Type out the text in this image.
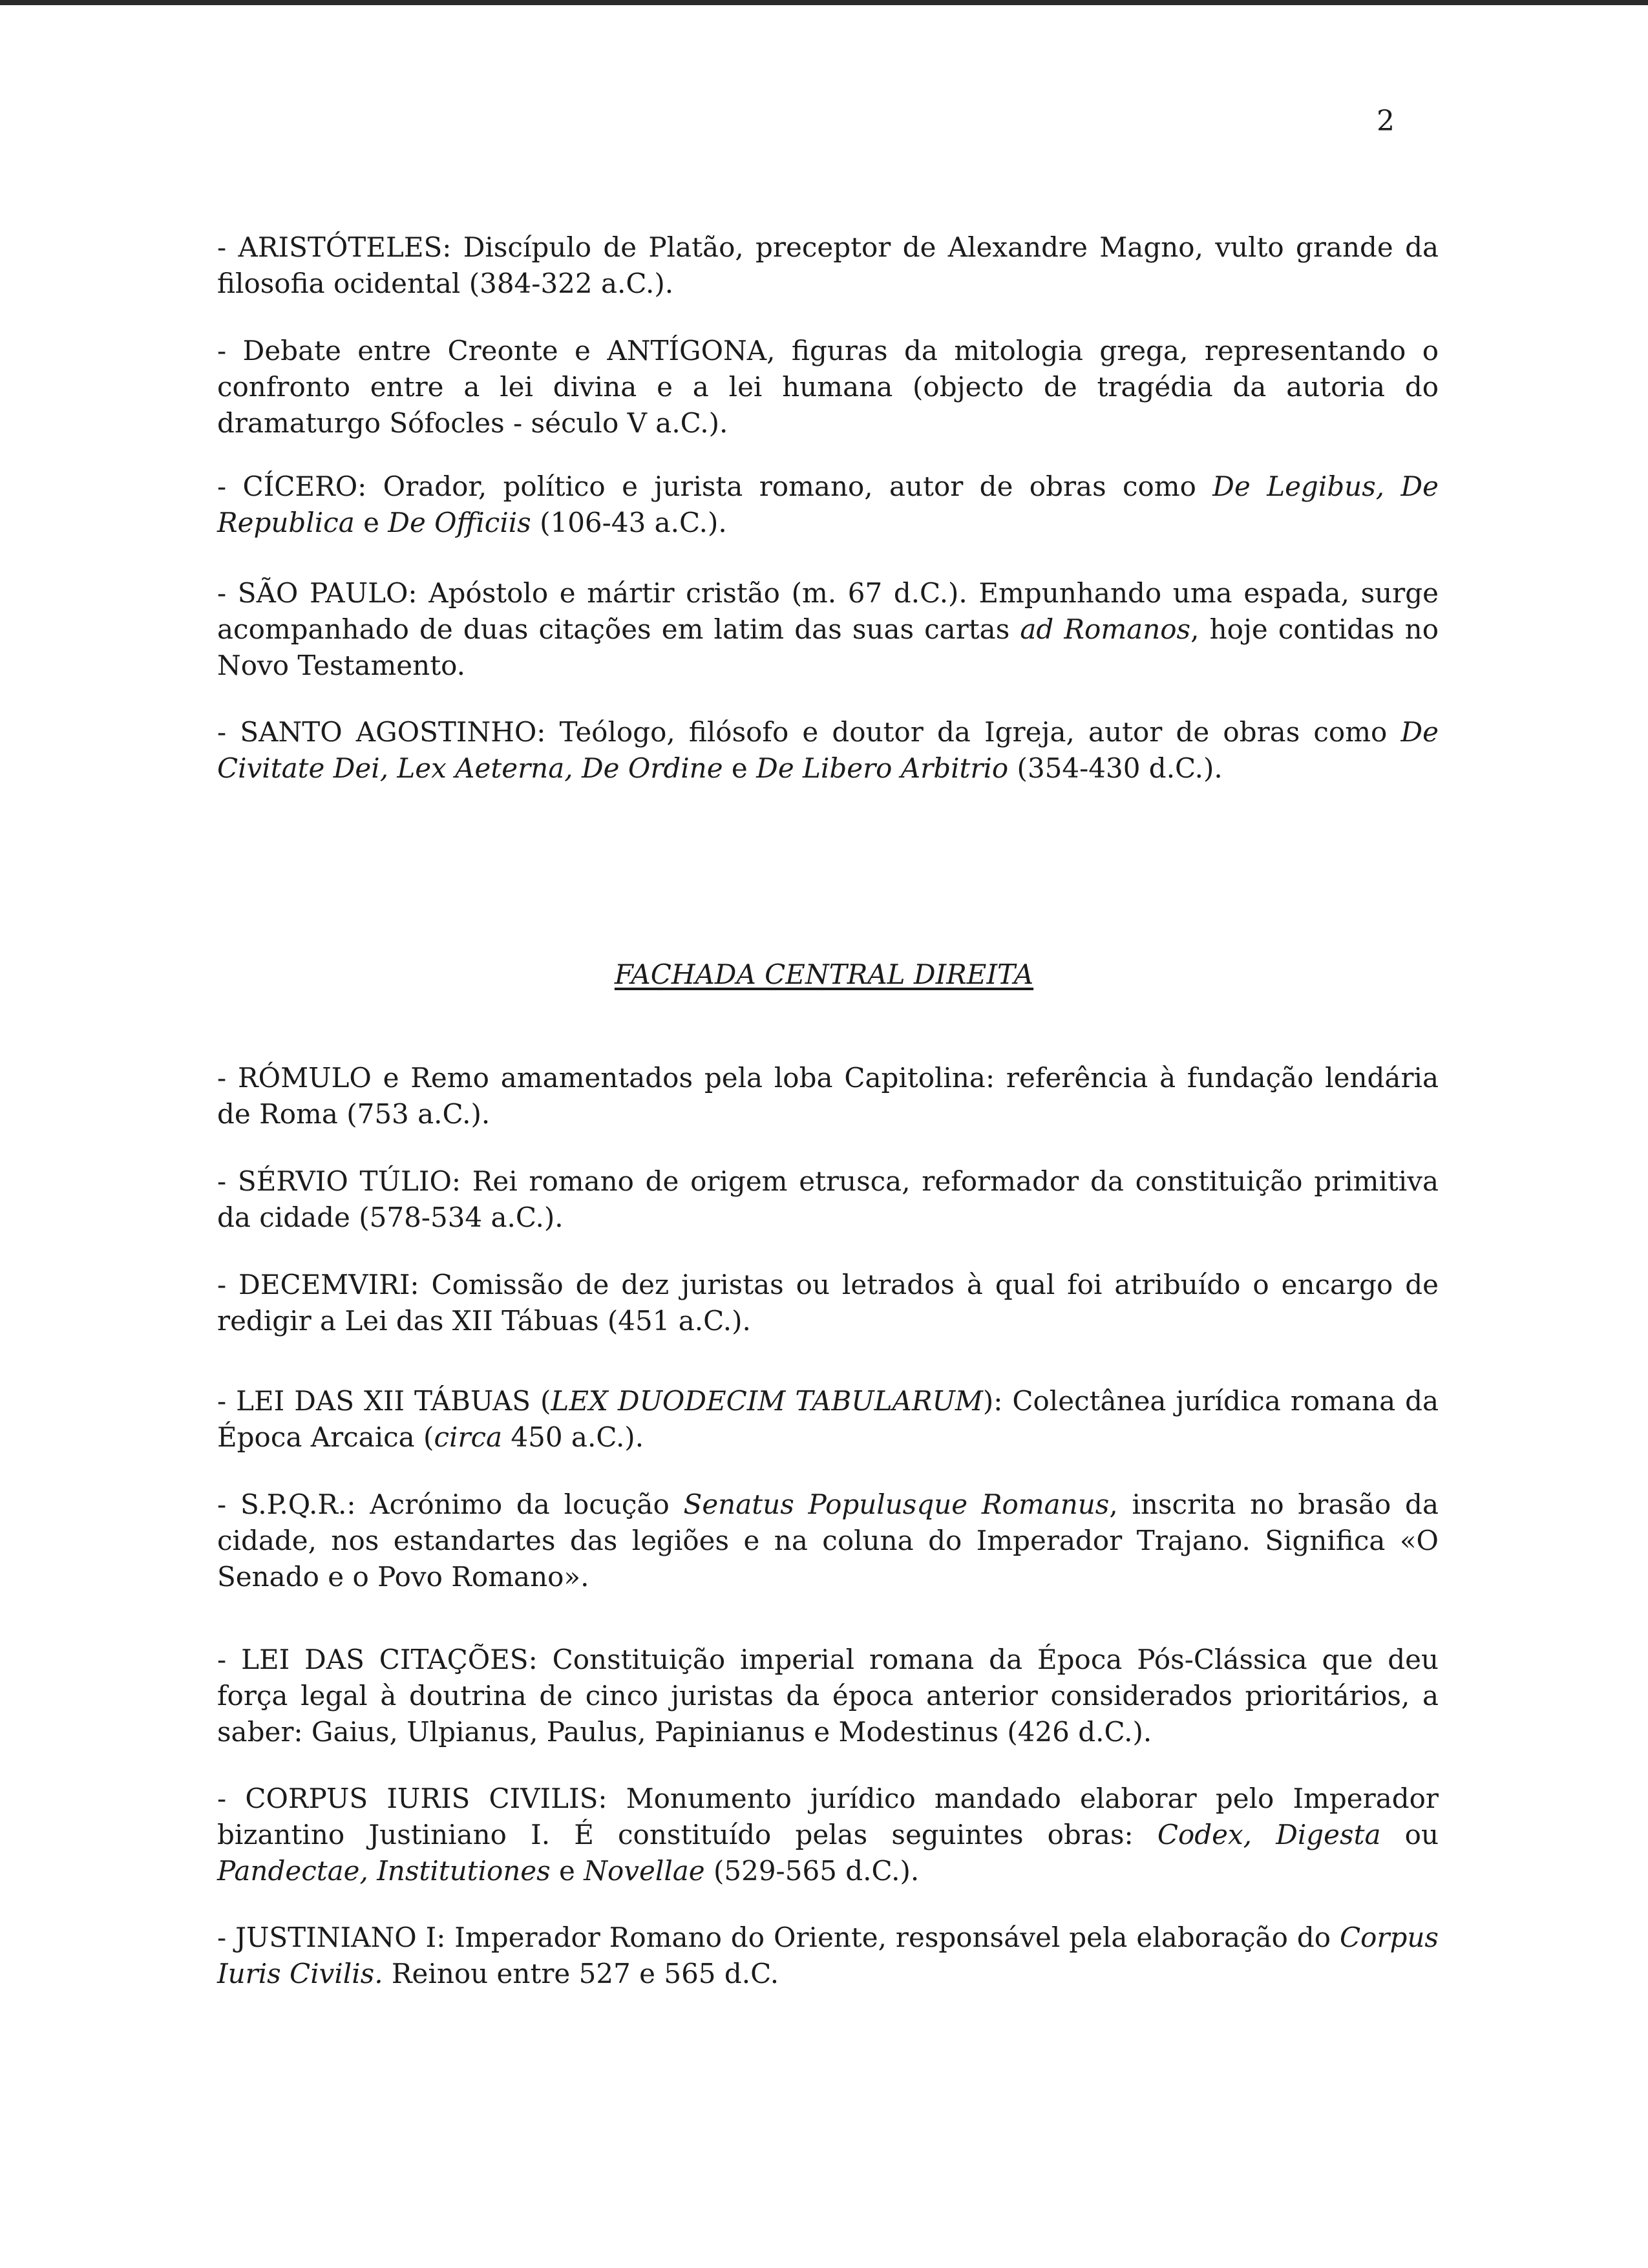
2

- ARISTÓTELES: Discípulo de Platão, preceptor de Alexandre Magno, vulto grande da filosofia ocidental (384-322 a.C.).

- Debate entre Creonte e ANTÍGONA, figuras da mitologia grega, representando o confronto entre a lei divina e a lei humana (objecto de tragédia da autoria do dramaturgo Sófocles - século V a.C.).

- CÍCERO: Orador, político e jurista romano, autor de obras como De Legibus, De Republica e De Officiis (106-43 a.C.).

- SÃO PAULO: Apóstolo e mártir cristão (m. 67 d.C.). Empunhando uma espada, surge acompanhado de duas citações em latim das suas cartas ad Romanos, hoje contidas no Novo Testamento.

- SANTO AGOSTINHO: Teólogo, filósofo e doutor da Igreja, autor de obras como De Civitate Dei, Lex Aeterna, De Ordine e De Libero Arbitrio (354-430 d.C.).

FACHADA CENTRAL DIREITA

- RÓMULO e Remo amamentados pela loba Capitolina: referência à fundação lendária de Roma (753 a.C.).

- SÉRVIO TÚLIO: Rei romano de origem etrusca, reformador da constituição primitiva da cidade (578-534 a.C.).

- DECEMVIRI: Comissão de dez juristas ou letrados à qual foi atribuído o encargo de redigir a Lei das XII Tábuas (451 a.C.).

- LEI DAS XII TÁBUAS (LEX DUODECIM TABULARUM): Colectânea jurídica romana da Época Arcaica (circa 450 a.C.).

- S.P.Q.R.: Acrónimo da locução Senatus Populusque Romanus, inscrita no brasão da cidade, nos estandartes das legiões e na coluna do Imperador Trajano. Significa «O Senado e o Povo Romano».

- LEI DAS CITAÇÕES: Constituição imperial romana da Época Pós-Clássica que deu força legal à doutrina de cinco juristas da época anterior considerados prioritários, a saber: Gaius, Ulpianus, Paulus, Papinianus e Modestinus (426 d.C.).

- CORPUS IURIS CIVILIS: Monumento jurídico mandado elaborar pelo Imperador bizantino Justiniano I. É constituído pelas seguintes obras: Codex, Digesta ou Pandectae, Institutiones e Novellae (529-565 d.C.).

- JUSTINIANO I: Imperador Romano do Oriente, responsável pela elaboração do Corpus Iuris Civilis. Reinou entre 527 e 565 d.C.
